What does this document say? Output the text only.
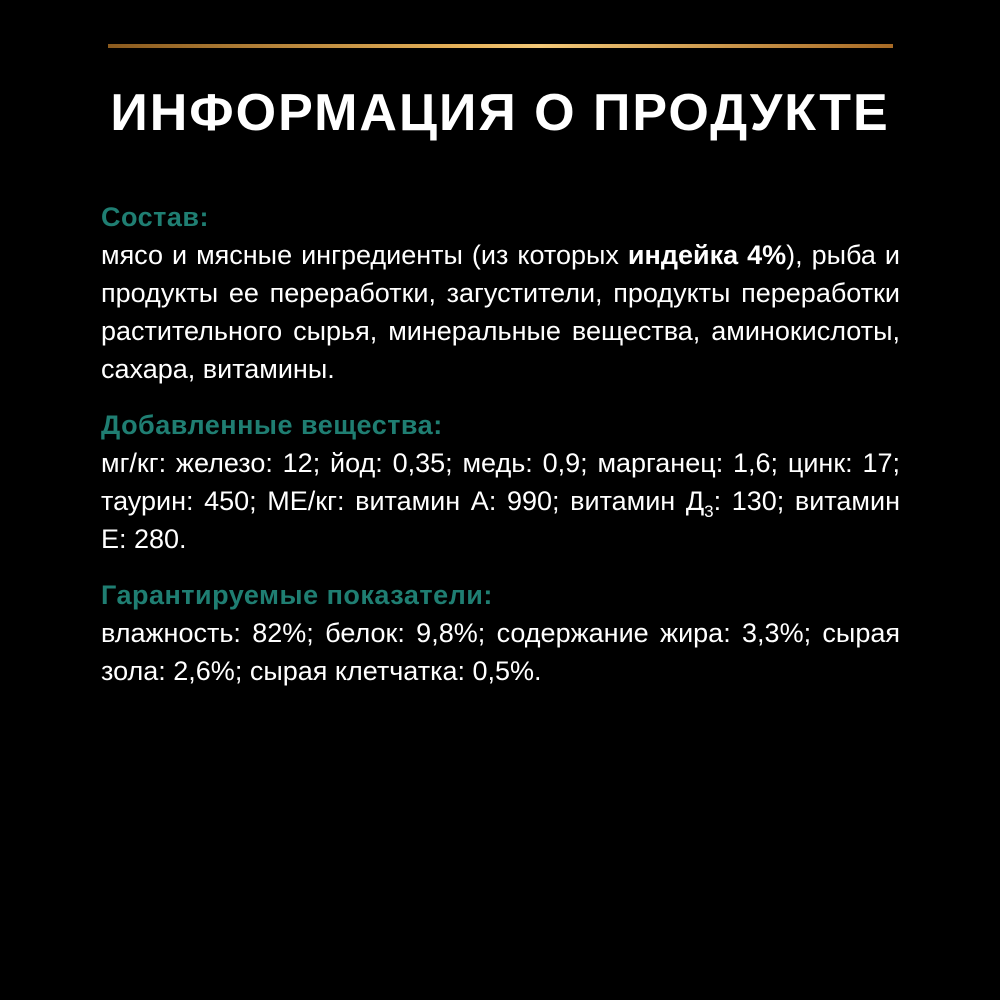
ИНФОРМАЦИЯ О ПРОДУКТЕ
Состав:
мясо и мясные ингредиенты (из которых индейка 4%), рыба и продукты ее переработки, загустители, продукты переработки растительного сырья, минеральные вещества, аминокислоты, сахара, витамины.
Добавленные вещества:
мг/кг: железо: 12; йод: 0,35; медь: 0,9; марганец: 1,6; цинк: 17; таурин: 450; МЕ/кг: витамин А: 990; витамин $Д_3$: 130; витамин Е: 280.
Гарантируемые показатели:
влажность: 82%; белок: 9,8%; содержание жира: 3,3%; сырая зола: 2,6%; сырая клетчатка: 0,5%.
